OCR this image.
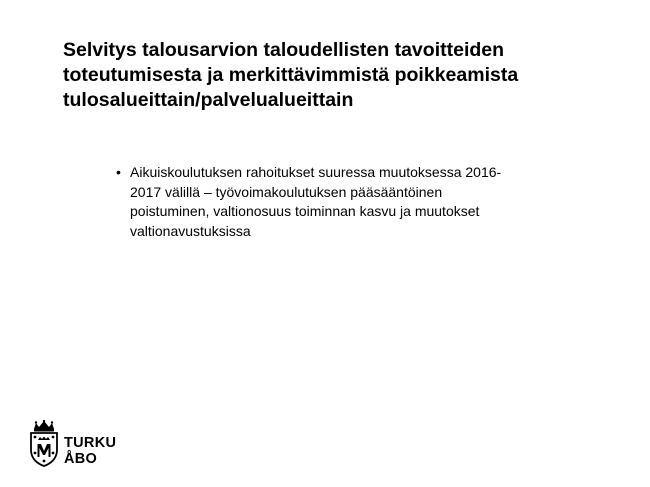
Selvitys talousarvion taloudellisten tavoitteiden
toteutumisesta ja merkittävimmistä poikkeamista
tulosalueittain/palvelualueittain
• Aikuiskoulutuksen rahoitukset suuressa muutoksessa 2016-
2017 välillä – työvoimakoulutuksen pääsääntöinen
poistuminen, valtionosuus toiminnan kasvu ja muutokset
valtionavustuksissa
TURKU
ÅBO
